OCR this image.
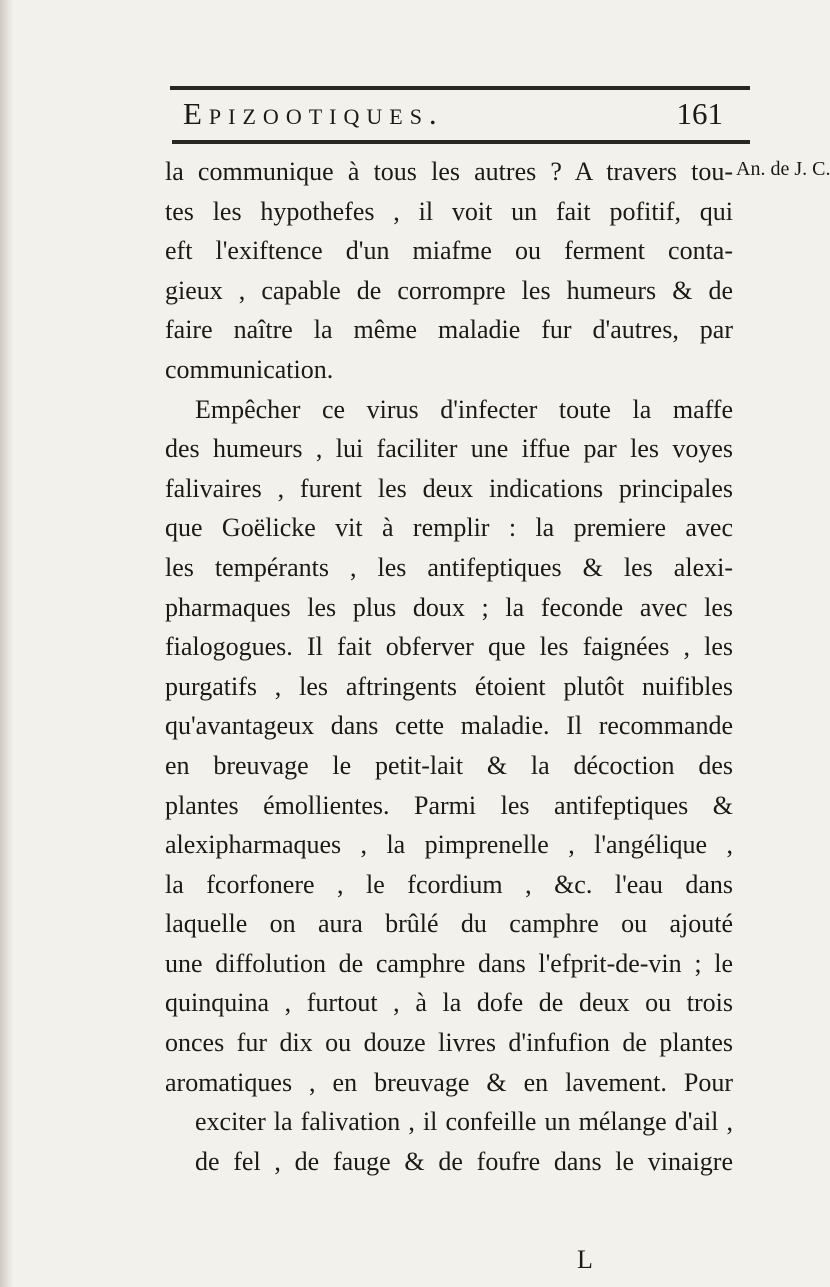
Epizootiques.	161
An. de J. C.
la communique à tous les autres ? A travers tou-
tes les hypothefes , il voit un fait pofitif, qui
eft l'exiftence d'un miafme ou ferment conta-
gieux , capable de corrompre les humeurs & de
faire naître la même maladie fur d'autres, par
communication.
Empêcher ce virus d'infecter toute la maffe
des humeurs , lui faciliter une iffue par les voyes
falivaires , furent les deux indications principales
que Goëlicke vit à remplir : la premiere avec
les tempérants , les antifeptiques & les alexi-
pharmaques les plus doux ; la feconde avec les
fialogogues. Il fait obferver que les faignées , les
purgatifs , les aftringents étoient plutôt nuifibles
qu'avantageux dans cette maladie. Il recommande
en breuvage le petit-lait & la décoction des
plantes émollientes. Parmi les antifeptiques &
alexipharmaques , la pimprenelle , l'angélique ,
la fcorfonere , le fcordium , &c. l'eau dans
laquelle on aura brûlé du camphre ou ajouté
une diffolution de camphre dans l'efprit-de-vin ; le
quinquina , furtout , à la dofe de deux ou trois
onces fur dix ou douze livres d'infufion de plantes
aromatiques , en breuvage & en lavement. Pour
exciter la falivation , il confeille un mélange d'ail ,
de fel , de fauge & de foufre dans le vinaigre
L
